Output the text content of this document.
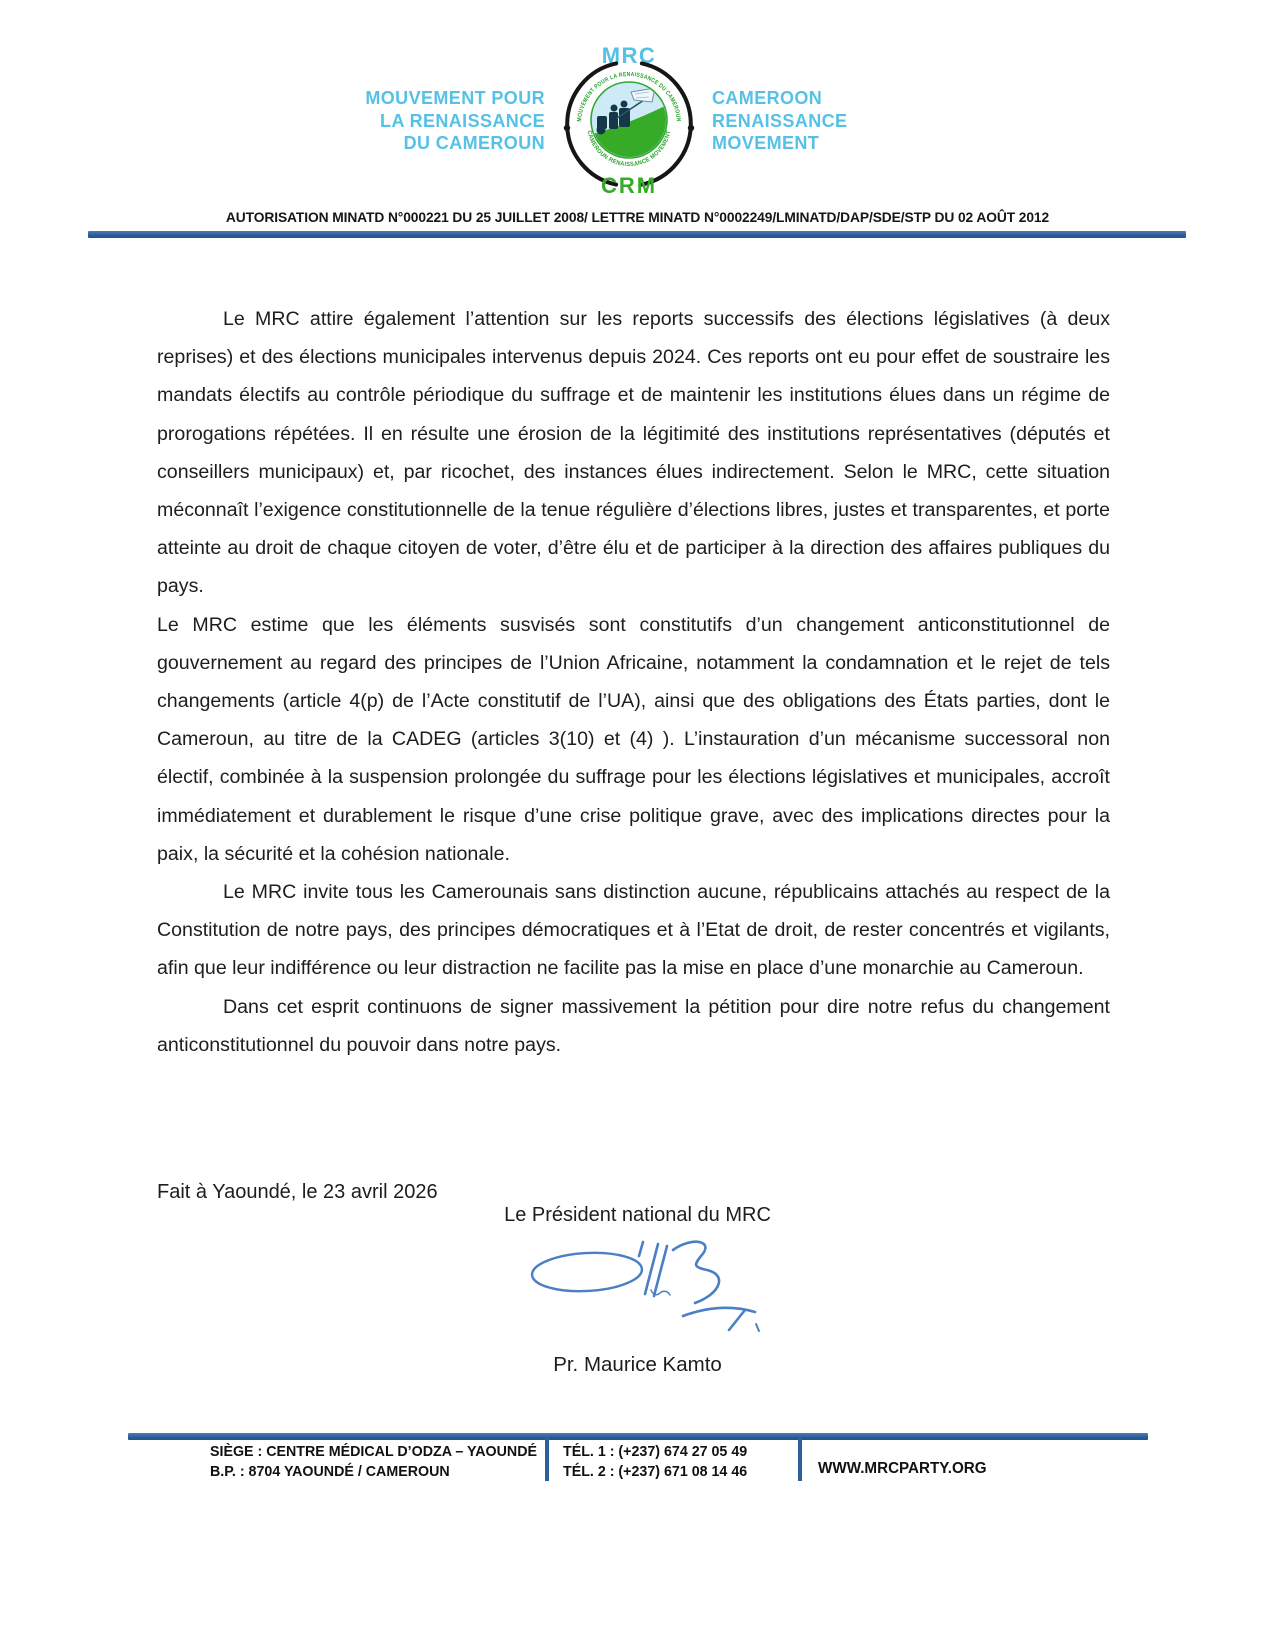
MOUVEMENT POUR
LA RENAISSANCE
DU CAMEROUN
MRC
MOUVEMENT POUR LA RENAISSANCE DU CAMEROUN
CAMEROUN RENAISSANCE MOVEMENT
CRM
CAMEROON
RENAISSANCE
MOVEMENT
AUTORISATION MINATD N°000221 DU 25 JUILLET 2008/ LETTRE MINATD N°0002249/LMINATD/DAP/SDE/STP DU 02 AOÛT 2012

Le MRC attire également l’attention sur les reports successifs des élections législatives (à deux reprises) et des élections municipales intervenus depuis 2024. Ces reports ont eu pour effet de soustraire les mandats électifs au contrôle périodique du suffrage et de maintenir les institutions élues dans un régime de prorogations répétées. Il en résulte une érosion de la légitimité des institutions représentatives (députés et conseillers municipaux) et, par ricochet, des instances élues indirectement. Selon le MRC, cette situation méconnaît l’exigence constitutionnelle de la tenue régulière d’élections libres, justes et transparentes, et porte atteinte au droit de chaque citoyen de voter, d’être élu et de participer à la direction des affaires publiques du pays.

Le MRC estime que les éléments susvisés sont constitutifs d’un changement anticonstitutionnel de gouvernement au regard des principes de l’Union Africaine, notamment la condamnation et le rejet de tels changements (article 4(p) de l’Acte constitutif de l’UA), ainsi que des obligations des États parties, dont le Cameroun, au titre de la CADEG (articles 3(10) et (4) ). L’instauration d’un mécanisme successoral non électif, combinée à la suspension prolongée du suffrage pour les élections législatives et municipales, accroît immédiatement et durablement le risque d’une crise politique grave, avec des implications directes pour la paix, la sécurité et la cohésion nationale.

Le MRC invite tous les Camerounais sans distinction aucune, républicains attachés au respect de la Constitution de notre pays, des principes démocratiques et à l’Etat de droit, de rester concentrés et vigilants, afin que leur indifférence ou leur distraction ne facilite pas la mise en place d’une monarchie au Cameroun.

Dans cet esprit continuons de signer massivement la pétition pour dire notre refus du changement anticonstitutionnel du pouvoir dans notre pays.

Fait à Yaoundé, le 23 avril 2026
Le Président national du MRC
Pr. Maurice Kamto
SIÈGE : CENTRE MÉDICAL D’ODZA – YAOUNDÉ
B.P. : 8704 YAOUNDÉ / CAMEROUN
TÉL. 1 : (+237) 674 27 05 49
TÉL. 2 : (+237) 671 08 14 46	WWW.MRCPARTY.ORG
